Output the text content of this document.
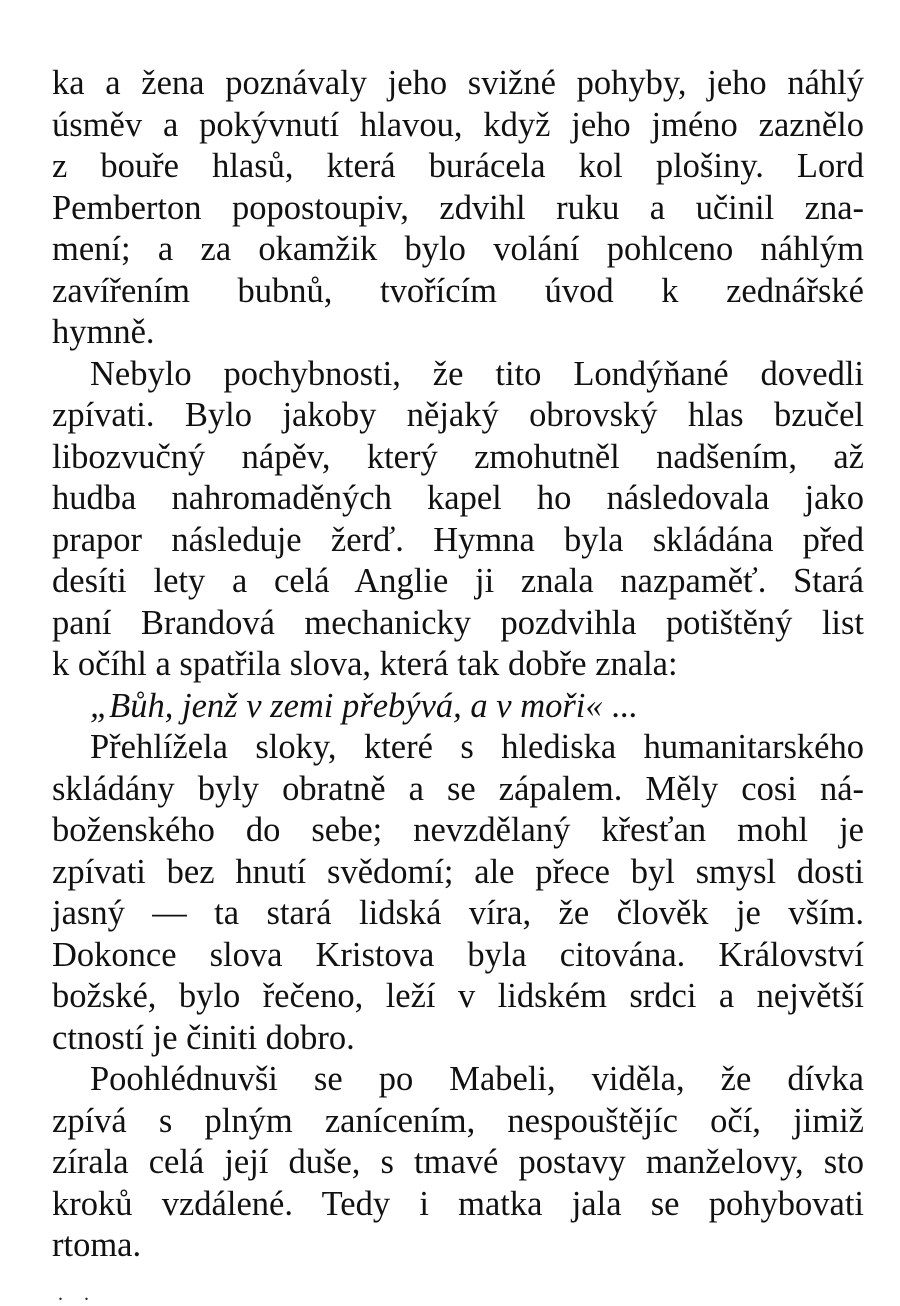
ka a žena poznávaly jeho svižné pohyby, jeho náhlý
úsměv a pokývnutí hlavou, když jeho jméno zaznělo
z bouře hlasů, která burácela kol plošiny. Lord
Pemberton popostoupiv, zdvihl ruku a učinil zna-
mení; a za okamžik bylo volání pohlceno náhlým
zavířením bubnů, tvořícím úvod k zednářské
hymně.
Nebylo pochybnosti, že tito Londýňané dovedli
zpívati. Bylo jakoby nějaký obrovský hlas bzučel
libozvučný nápěv, který zmohutněl nadšením, až
hudba nahromaděných kapel ho následovala jako
prapor následuje žerď. Hymna byla skládána před
desíti lety a celá Anglie ji znala nazpaměť. Stará
paní Brandová mechanicky pozdvihla potištěný list
k očíhl a spatřila slova, která tak dobře znala:

„Bůh, jenž v zemi přebývá, a v moři« ...

Přehlížela sloky, které s hlediska humanitarského
skládány byly obratně a se zápalem. Měly cosi ná-
boženského do sebe; nevzdělaný křesťan mohl je
zpívati bez hnutí svědomí; ale přece byl smysl dosti
jasný — ta stará lidská víra, že člověk je vším.
Dokonce slova Kristova byla citována. Království
božské, bylo řečeno, leží v lidském srdci a největší
ctností je činiti dobro.
Poohlédnuvši se po Mabeli, viděla, že dívka
zpívá s plným zanícením, nespouštějíc očí, jimiž
zírala celá její duše, s tmavé postavy manželovy, sto
kroků vzdálené. Tedy i matka jala se pohybovati
rtoma.
. .
